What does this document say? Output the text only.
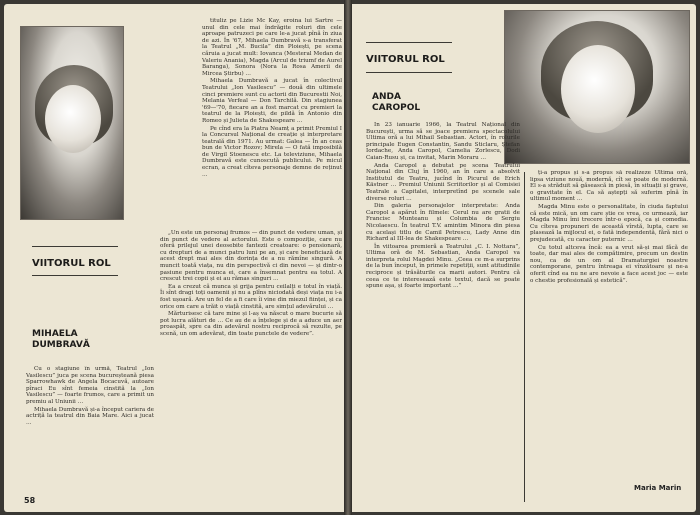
tituliz pe Lizie Mc Kay, eroina lui Sartre — unul din cele mai îndrăgite roluri din cele aproape patruzeci pe care le-a jucat pînă în ziua de azi. În '67, Mihaela Dumbravă s-a transferat la Teatrul „M. Bucila” din Ploiești, pe scena căruia a jucat mult: Iovanca (Mesteral Medan de Valeriu Anania), Magda (Arcul de triumf de Aurel Baranga), Sonora (Nora la Rosa Amerii de Mircea Știrbu) …

Mihaela Dumbravă a jucat în colectivul Teatrului „Ion Vasilescu” — două din ultimele cinci premiere sunt cu actorii din Bucurestii Noi, Melania Verfeal — Don Tarchilă. Din stagiunea '69—'70, fiecare an a fost marcat cu premieri la teatrul de la Ploiești, de pildă în Antonio din Romeo și Julieta de Shakespeare …

Pe cînd era la Piatra Neamț a primit Premiul I la Concursul Național de creație și interpretare teatrală din 1971. Au urmat: Galea — În an ceas bun de Victor Rozov; Mirela — O fată imposibilă de Virgil Stoenescu etc. La televiziune, Mihaela Dumbravă este cunoscută publicului. Pe micul ecran, a creat cîteva personaje demne de reținut …

VIITORUL ROL
MIHAELA
DUMBRAVĂ

Cu o stagiune în urmă, Teatrul „Ion Vasilescu” juca pe scena bucureșteană piesa Sparrowhawk de Angela Bocacuvă, autoare pîraci Eu sînt femeia cinstită la „Ion Vasilescu” — foarte frumos, care a primit un premiu al Uniunii …

Mihaela Dumbravă și-a început cariera de actriță la teatrul din Baia Mare. Aici a jucat …

„Un este un personaj frumos — din punct de vedere uman, și din punct de vedere al actorului. Este o compoziție, care nu oferă prilejul unei deosebite fantezii creatoare: o pensionară, cu drepturi de a munci patru luni pe an, și care beneficiază de acest drept mai ales din dorința de a nu rămîne singură. A muncit toată viața, nu din perspectivă ci din nevoi — și dintr-o pasiune pentru munca ei, care a însemnat pentru ea totul. A crescut trei copii și ei au rămas singuri …

Ea a crezut că munca și grija pentru ceilalți e totul în viață. Îi sînt dragi toți oamenii și nu a plîns niciodată deși viața nu i-a fost ușoară. Are un fel de a fi care îi vine din miezul ființei, și ca orice om care a trăit o viață cinstită, are simțul adevărului …

Mărturisesc că tare mine și l-aș va născut o mare bucurie să pot lucra alături de … Ce au de a înțelege și de a aduce un aer proaspăt, spre ca din adevărul nostru reciprocă să rezulte, pe scenă, un om adevărat, din toate punctele de vedere”.

58
VIITORUL ROL
ANDA
CAROPOL

În 23 ianuarie 1966, la Teatrul Național din București, urma să se joace premiera spectacolului Ultima oră a lui Mihail Sebastian. Actori, în rolurile principale Eugen Constantin, Sandu Sticlaru, Ștefan Iordache, Anda Caropol, Camelia Zorlescu, Dodi Caian-Rusu și, ca invitat, Marin Moraru …

Anda Caropol a debutat pe scena Teatrului Național din Cluj în 1960, an în care a absolvit Institutul de Teatru, jucînd în Picurul de Erich Kästner … Premiul Uniunii Scriitorilor și al Comisiei Teatrale a Capitalei, interpretînd pe scenele sale diverse roluri …

Din galeria personajelor interpretate: Anda Caropol a apărut în filmele: Cerul nu are gratii de Francisc Munteanu și Columbia de Sergiu Nicolaescu. În teatrul T.V. amintim Minora din piesa cu același titlu de Camil Petrescu, Lady Anne din Richard al III-lea de Shakespeare …

În viitoarea premieră a Teatrului „C. I. Nottara”, Ultima oră de M. Sebastian, Anda Caropol va interpreta rolul Magdei Minu. „Ceea ce m-a surprins de la bun început, în primele repetiții, sunt atitudinile reciproce și trăsăturile ca marii autori. Pentru că ceea ce te interesează este textul, dacă se poate spune așa, și foarte important …”

ți-a propus și s-a propus să realizeze Ultima oră, lipsa viziune nouă, modernă, cît se poate de modernă. El s-a străduit să găsească in piesă, în situații și grave, o gravitate în el. Ca să aștepți să suferim pînă în ultimul moment …

Magda Minu este o personalitate, în ciuda faptului că este mică, un om care știe ce vrea, ce urmează, iar Magda Minu îmi trecere într-o epocă, ca și comedia. Cu cîteva propuneri de această vîrstă, lupta, care se plasează la mijlocul ei, o fată independentă, fără nici o prejudecată, cu caracter puternic …

Cu totul altceva încă: ea a vrut să-și mai făcă de toate, dar mai ales de compătimire, precum un destin nou, ca de un om al Dramaturgiei noastre contemporane, pentru întreaga ei vînzătoare și ne-a oferit cînd ea nu ne are nevoie a face acest joc — este o chestie profesională și estetică”.

Maria Marin
